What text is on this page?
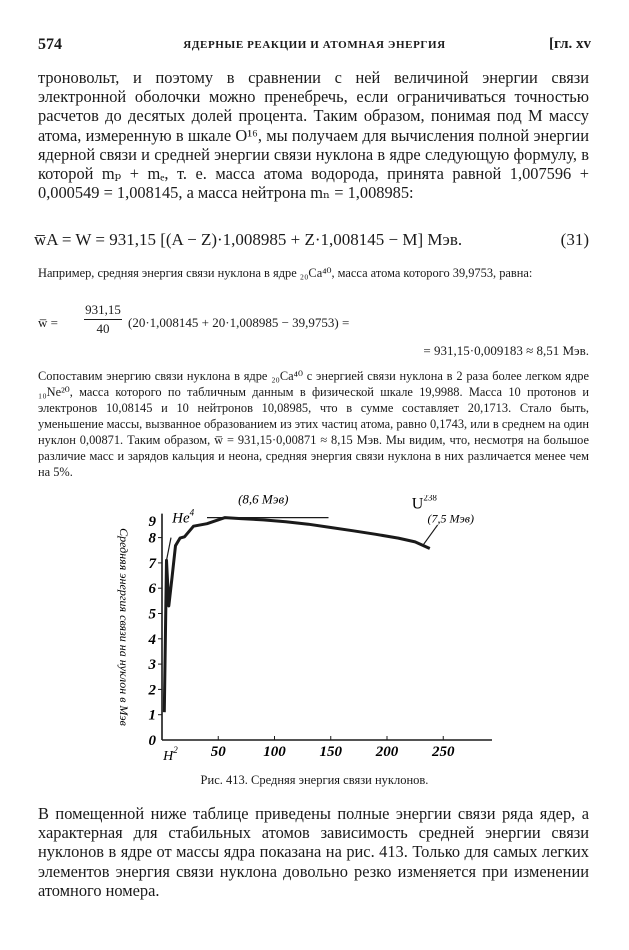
574	ЯДЕРНЫЕ РЕАКЦИИ И АТОМНАЯ ЭНЕРГИЯ	[гл. xv

троновольт, и поэтому в сравнении с ней величиной энергии связи электронной оболочки можно пренебречь, если ограничиваться точностью расчетов до десятых долей процента. Таким образом, понимая под M массу атома, измеренную в шкале O¹⁶, мы получаем для вычисления полной энергии ядерной связи и средней энергии связи нуклона в ядре следующую формулу, в которой mₚ + mₑ, т. е. масса атома водорода, принята равной 1,007596 + 0,000549 = 1,008145, а масса нейтрона mₙ = 1,008985:

w̅A = W = 931,15 [(A − Z)·1,008985 + Z·1,008145 − M] Мэв.	(31)

Например, средняя энергия связи нуклона в ядре ₂₀Ca⁴⁰, масса атома которого 39,9753, равна:

w̅ = $\frac{931,15}{40} (20\cdot 1,008145 + 20\cdot 1,008985 - 39,9753)$ =
= 931,15·0,009183 ≈ 8,51 Мэв.

Сопоставим энергию связи нуклона в ядре ₂₀Ca⁴⁰ с энергией связи нуклона в 2 раза более легком ядре ₁₀Ne²⁰, масса которого по табличным данным в физической шкале 19,9988. Масса 10 протонов и электронов 10,08145 и 10 нейтронов 10,08985, что в сумме составляет 20,1713. Стало быть, уменьшение массы, вызванное образованием из этих частиц атома, равно 0,1743, или в среднем на один нуклон 0,00871. Таким образом, w̅ = 931,15·0,00871 ≈ 8,15 Мэв. Мы видим, что, несмотря на большое различие масс и зарядов кальция и неона, средняя энергия связи нуклона в них различается менее чем на 5%.

0
1
2
3
4
5
6
7
8
50	100 150 200 250
Средняя энергия связи на нуклон в Мэв
9
(8,6 Мэв)	$U^{238}$
(7,5 Мэв)
He$^4$
$H^2$
Рис. 413. Средняя энергия связи нуклонов.

В помещенной ниже таблице приведены полные энергии связи ряда ядер, а характерная для стабильных атомов зависимость средней энергии связи нуклонов в ядре от массы ядра показана на рис. 413. Только для самых легких элементов энергия связи нуклона довольно резко изменяется при изменении атомного номера.
